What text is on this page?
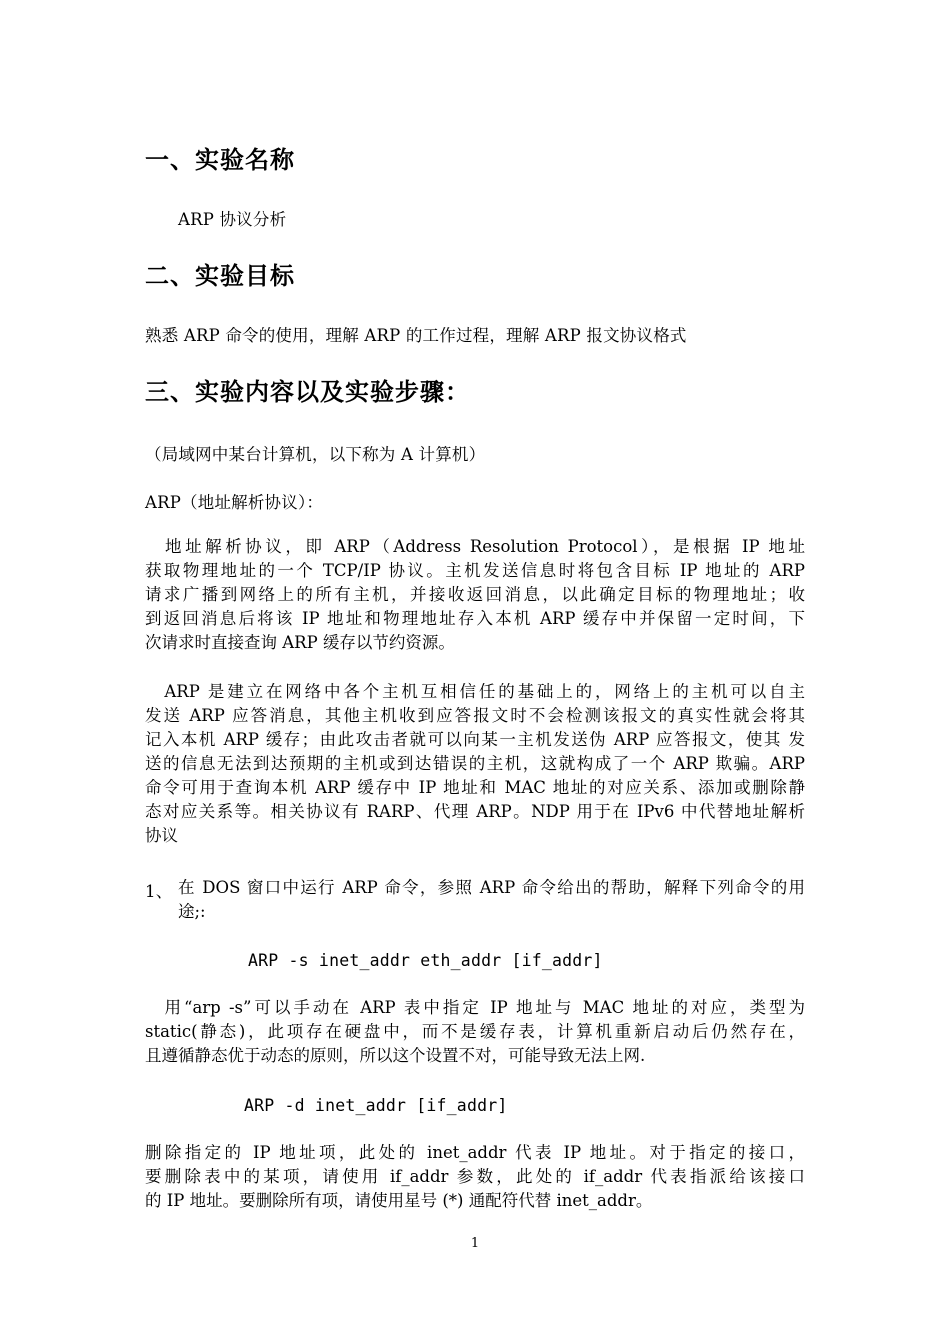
一、实验名称
ARP 协议分析
二、实验目标
熟悉 ARP 命令的使用，理解 ARP 的工作过程，理解 ARP 报文协议格式
三、实验内容以及实验步骤：
（局域网中某台计算机，以下称为 A 计算机）
ARP（地址解析协议）：
　地址解析协议，即 ARP（Address Resolution Protocol），是根据 IP 地址
获取物理地址的一个 TCP/IP 协议。主机发送信息时将包含目标 IP 地址的 ARP
请求广播到网络上的所有主机，并接收返回消息，以此确定目标的物理地址；收
到返回消息后将该 IP 地址和物理地址存入本机 ARP 缓存中并保留一定时间，下
次请求时直接查询 ARP 缓存以节约资源。
　ARP 是建立在网络中各个主机互相信任的基础上的，网络上的主机可以自主
发送 ARP 应答消息，其他主机收到应答报文时不会检测该报文的真实性就会将其
记入本机 ARP 缓存；由此攻击者就可以向某一主机发送伪 ARP 应答报文，使其 发
送的信息无法到达预期的主机或到达错误的主机，这就构成了一个 ARP 欺骗。ARP
命令可用于查询本机 ARP 缓存中 IP 地址和 MAC 地址的对应关系、添加或删除静
态对应关系等。相关协议有 RARP、代理 ARP。NDP 用于在 IPv6 中代替地址解析
协议
1、 在 DOS 窗口中运行 ARP 命令，参照 ARP 命令给出的帮助，解释下列命令的用
途;:
ARP -s inet_addr eth_addr [if_addr]
　用“arp -s”可以手动在 ARP 表中指定 IP 地址与 MAC 地址的对应，类型为
static(静态)，此项存在硬盘中，而不是缓存表，计算机重新启动后仍然存在，
且遵循静态优于动态的原则，所以这个设置不对，可能导致无法上网.
ARP -d inet_addr [if_addr]
删除指定的 IP 地址项，此处的 inet_addr 代表 IP 地址。对于指定的接口，
要删除表中的某项，请使用 if_addr 参数，此处的 if_addr 代表指派给该接口
的 IP 地址。要删除所有项，请使用星号 (*) 通配符代替 inet_addr。
1
